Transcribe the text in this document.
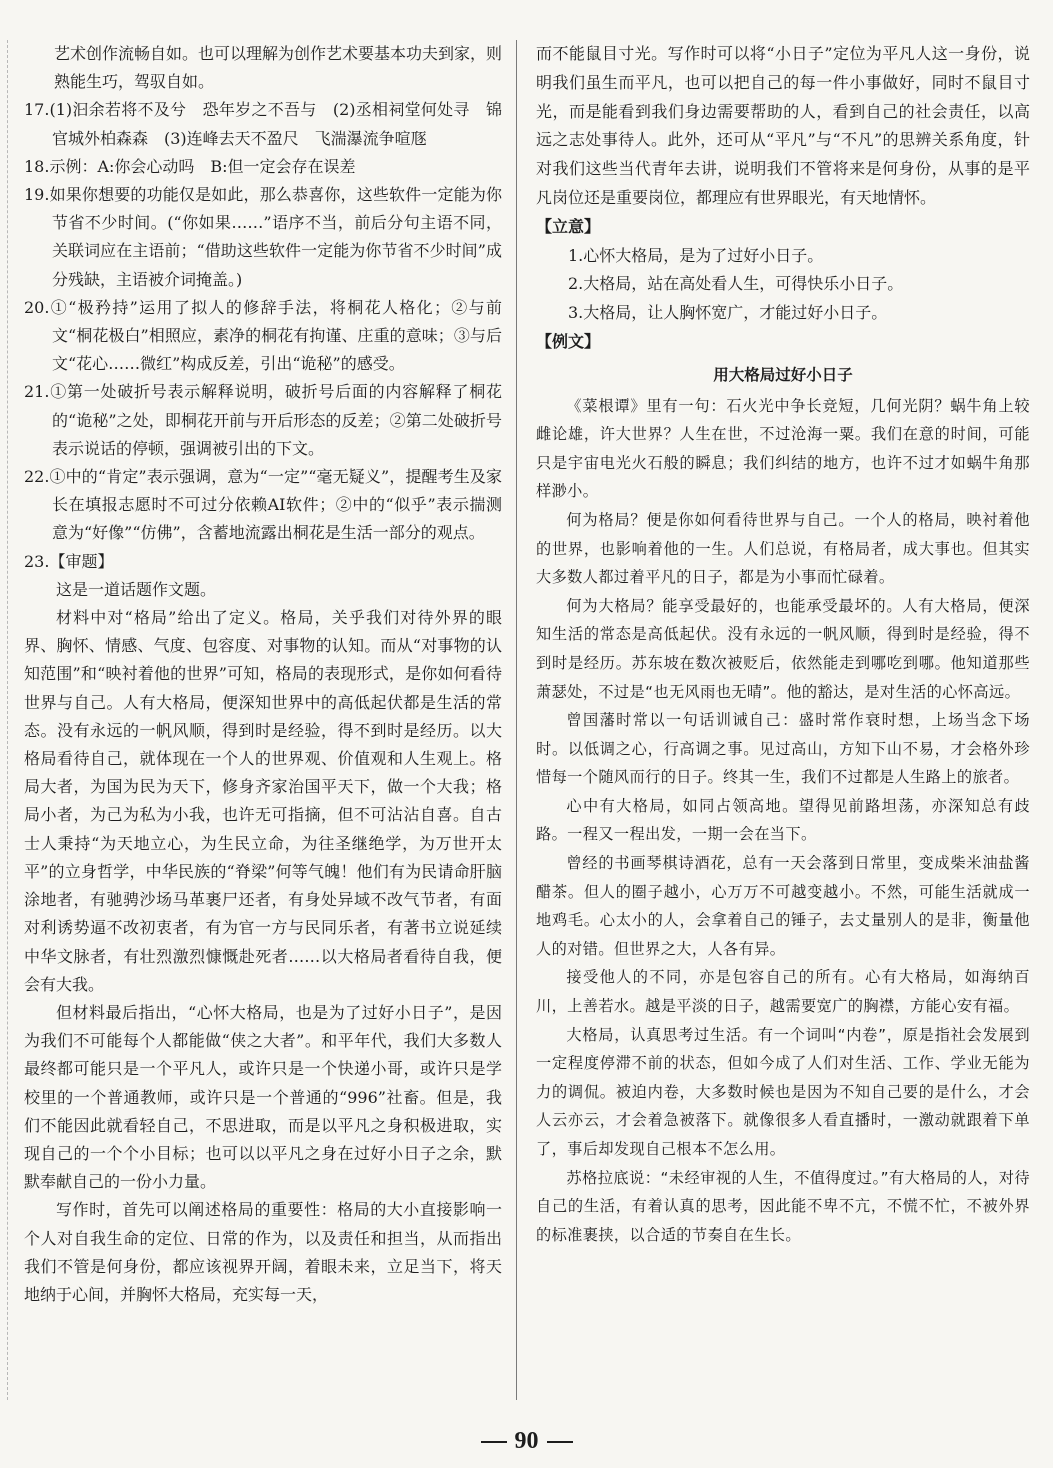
艺术创作流畅自如。也可以理解为创作艺术要基本功夫到家，则熟能生巧，驾驭自如。

17.(1)汩余若将不及兮　恐年岁之不吾与　(2)丞相祠堂何处寻　锦官城外柏森森　(3)连峰去天不盈尺　飞湍瀑流争喧豗

18.示例：A:你会心动吗　B:但一定会存在误差

19.如果你想要的功能仅是如此，那么恭喜你，这些软件一定能为你节省不少时间。(“你如果……”语序不当，前后分句主语不同，关联词应在主语前；“借助这些软件一定能为你节省不少时间”成分残缺，主语被介词掩盖。)

20.①“极矜持”运用了拟人的修辞手法，将桐花人格化；②与前文“桐花极白”相照应，素净的桐花有拘谨、庄重的意味；③与后文“花心……微红”构成反差，引出“诡秘”的感受。

21.①第一处破折号表示解释说明，破折号后面的内容解释了桐花的“诡秘”之处，即桐花开前与开后形态的反差；②第二处破折号表示说话的停顿，强调被引出的下文。

22.①中的“肯定”表示强调，意为“一定”“毫无疑义”，提醒考生及家长在填报志愿时不可过分依赖AI软件；②中的“似乎”表示揣测意为“好像”“仿佛”，含蓄地流露出桐花是生活一部分的观点。

23.【审题】

这是一道话题作文题。

材料中对“格局”给出了定义。格局，关乎我们对待外界的眼界、胸怀、情感、气度、包容度、对事物的认知。而从“对事物的认知范围”和“映衬着他的世界”可知，格局的表现形式，是你如何看待世界与自己。人有大格局，便深知世界中的高低起伏都是生活的常态。没有永远的一帆风顺，得到时是经验，得不到时是经历。以大格局看待自己，就体现在一个人的世界观、价值观和人生观上。格局大者，为国为民为天下，修身齐家治国平天下，做一个大我；格局小者，为己为私为小我，也许无可指摘，但不可沾沾自喜。自古士人秉持“为天地立心，为生民立命，为往圣继绝学，为万世开太平”的立身哲学，中华民族的“脊梁”何等气魄！他们有为民请命肝脑涂地者，有驰骋沙场马革裹尸还者，有身处异域不改气节者，有面对利诱势逼不改初衷者，有为官一方与民同乐者，有著书立说延续中华文脉者，有壮烈激烈慷慨赴死者……以大格局者看待自我，便会有大我。

但材料最后指出，“心怀大格局，也是为了过好小日子”，是因为我们不可能每个人都能做“侠之大者”。和平年代，我们大多数人最终都可能只是一个平凡人，或许只是一个快递小哥，或许只是学校里的一个普通教师，或许只是一个普通的“996”社畜。但是，我们不能因此就看轻自己，不思进取，而是以平凡之身积极进取，实现自己的一个个小目标；也可以以平凡之身在过好小日子之余，默默奉献自己的一份小力量。

写作时，首先可以阐述格局的重要性：格局的大小直接影响一个人对自我生命的定位、日常的作为，以及责任和担当，从而指出我们不管是何身份，都应该视界开阔，着眼未来，立足当下，将天地纳于心间，并胸怀大格局，充实每一天，

而不能鼠目寸光。写作时可以将“小日子”定位为平凡人这一身份，说明我们虽生而平凡，也可以把自己的每一件小事做好，同时不鼠目寸光，而是能看到我们身边需要帮助的人，看到自己的社会责任，以高远之志处事待人。此外，还可从“平凡”与“不凡”的思辨关系角度，针对我们这些当代青年去讲，说明我们不管将来是何身份，从事的是平凡岗位还是重要岗位，都理应有世界眼光，有天地情怀。

【立意】

1.心怀大格局，是为了过好小日子。

2.大格局，站在高处看人生，可得快乐小日子。

3.大格局，让人胸怀宽广，才能过好小日子。

【例文】

用大格局过好小日子

《菜根谭》里有一句：石火光中争长竞短，几何光阴？蜗牛角上较雌论雄，许大世界？人生在世，不过沧海一粟。我们在意的时间，可能只是宇宙电光火石般的瞬息；我们纠结的地方，也许不过才如蜗牛角那样渺小。

何为格局？便是你如何看待世界与自己。一个人的格局，映衬着他的世界，也影响着他的一生。人们总说，有格局者，成大事也。但其实大多数人都过着平凡的日子，都是为小事而忙碌着。

何为大格局？能享受最好的，也能承受最坏的。人有大格局，便深知生活的常态是高低起伏。没有永远的一帆风顺，得到时是经验，得不到时是经历。苏东坡在数次被贬后，依然能走到哪吃到哪。他知道那些萧瑟处，不过是“也无风雨也无晴”。他的豁达，是对生活的心怀高远。

曾国藩时常以一句话训诫自己：盛时常作衰时想，上场当念下场时。以低调之心，行高调之事。见过高山，方知下山不易，才会格外珍惜每一个随风而行的日子。终其一生，我们不过都是人生路上的旅者。

心中有大格局，如同占领高地。望得见前路坦荡，亦深知总有歧路。一程又一程出发，一期一会在当下。

曾经的书画琴棋诗酒花，总有一天会落到日常里，变成柴米油盐酱醋茶。但人的圈子越小，心万万不可越变越小。不然，可能生活就成一地鸡毛。心太小的人，会拿着自己的锤子，去丈量别人的是非，衡量他人的对错。但世界之大，人各有异。

接受他人的不同，亦是包容自己的所有。心有大格局，如海纳百川，上善若水。越是平淡的日子，越需要宽广的胸襟，方能心安有福。

大格局，认真思考过生活。有一个词叫“内卷”，原是指社会发展到一定程度停滞不前的状态，但如今成了人们对生活、工作、学业无能为力的调侃。被迫内卷，大多数时候也是因为不知自己要的是什么，才会人云亦云，才会着急被落下。就像很多人看直播时，一激动就跟着下单了，事后却发现自己根本不怎么用。

苏格拉底说：“未经审视的人生，不值得度过。”有大格局的人，对待自己的生活，有着认真的思考，因此能不卑不亢，不慌不忙，不被外界的标准裹挟，以合适的节奏自在生长。

90
